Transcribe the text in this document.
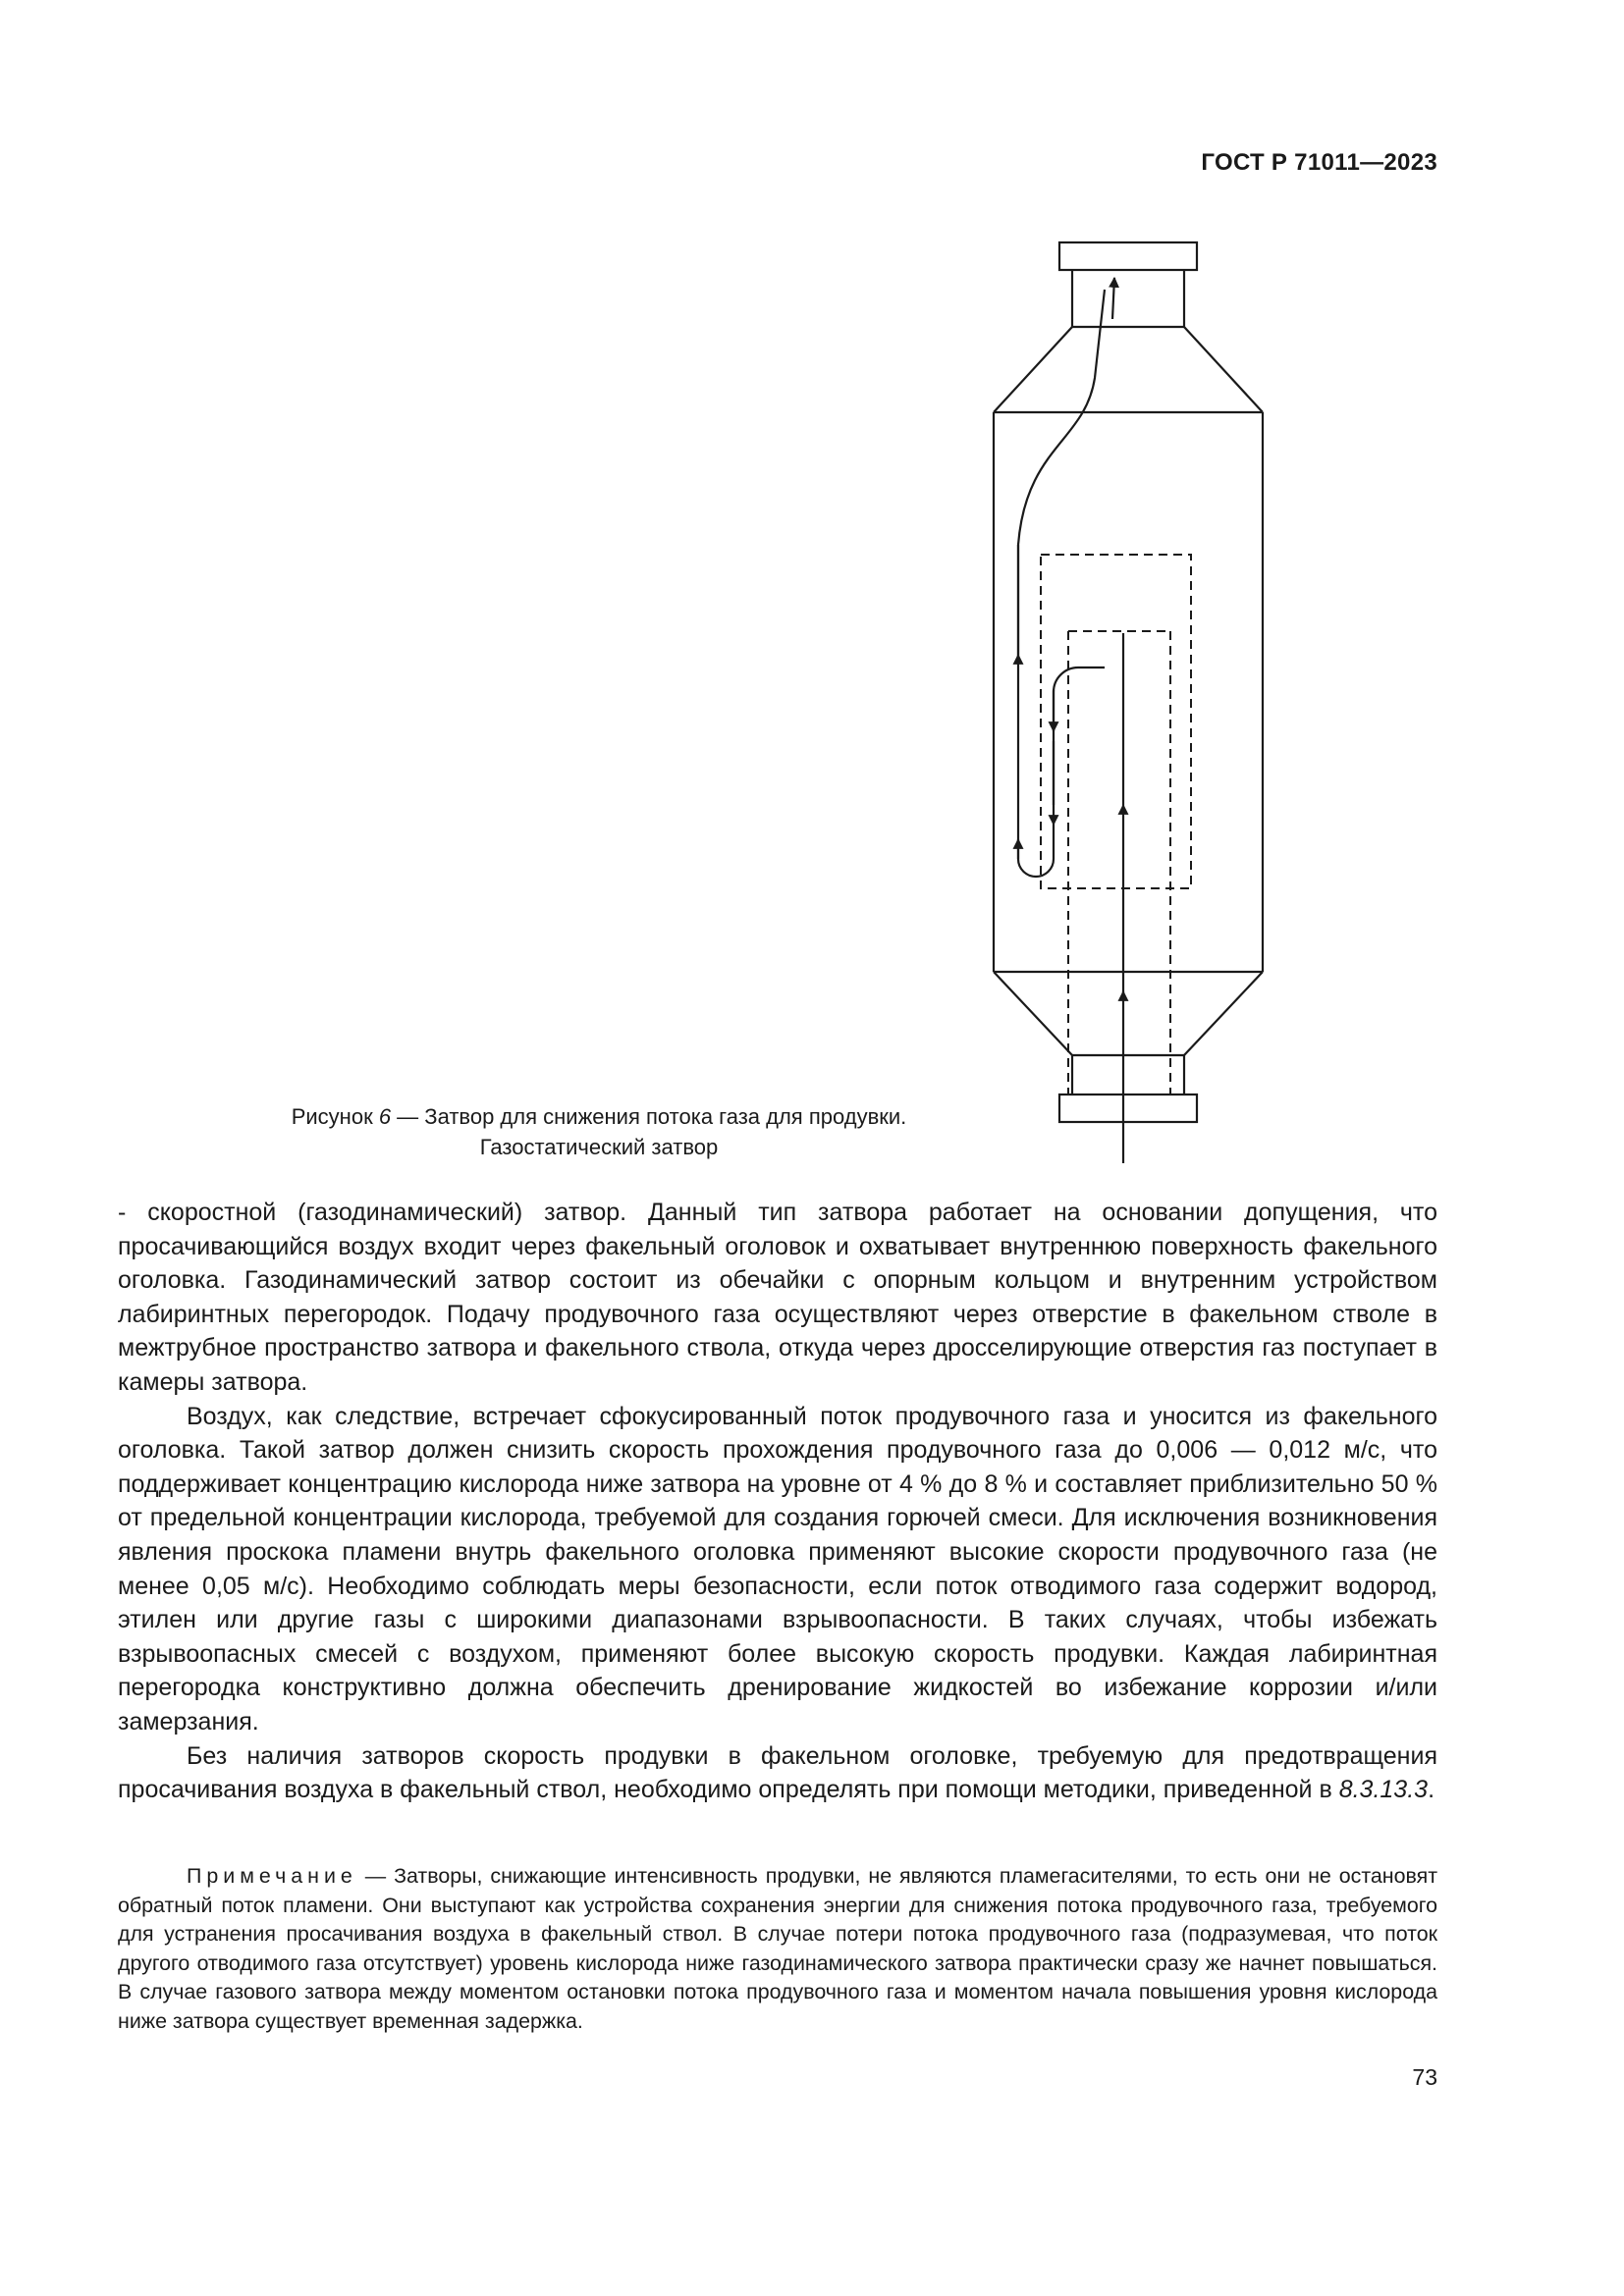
ГОСТ Р 71011—2023
Рисунок 6 — Затвор для снижения потока газа для продувки.
Газостатический затвор

- скоростной (газодинамический) затвор. Данный тип затвора работает на основании допущения, что просачивающийся воздух входит через факельный оголовок и охватывает внутреннюю поверхность факельного оголовка. Газодинамический затвор состоит из обечайки с опорным кольцом и внутренним устройством лабиринтных перегородок. Подачу продувочного газа осуществляют через отверстие в факельном стволе в межтрубное пространство затвора и факельного ствола, откуда через дросселирующие отверстия газ поступает в камеры затвора.

Воздух, как следствие, встречает сфокусированный поток продувочного газа и уносится из факельного оголовка. Такой затвор должен снизить скорость прохождения продувочного газа до 0,006 — 0,012 м/с, что поддерживает концентрацию кислорода ниже затвора на уровне от 4 % до 8 % и составляет приблизительно 50 % от предельной концентрации кислорода, требуемой для создания горючей смеси. Для исключения возникновения явления проскока пламени внутрь факельного оголовка применяют высокие скорости продувочного газа (не менее 0,05 м/с). Необходимо соблюдать меры безопасности, если поток отводимого газа содержит водород, этилен или другие газы с широкими диапазонами взрывоопасности. В таких случаях, чтобы избежать взрывоопасных смесей с воздухом, применяют более высокую скорость продувки. Каждая лабиринтная перегородка конструктивно должна обеспечить дренирование жидкостей во избежание коррозии и/или замерзания.

Без наличия затворов скорость продувки в факельном оголовке, требуемую для предотвращения просачивания воздуха в факельный ствол, необходимо определять при помощи методики, приведенной в 8.3.13.3.

Примечание — Затворы, снижающие интенсивность продувки, не являются пламегасителями, то есть они не остановят обратный поток пламени. Они выступают как устройства сохранения энергии для снижения потока продувочного газа, требуемого для устранения просачивания воздуха в факельный ствол. В случае потери потока продувочного газа (подразумевая, что поток другого отводимого газа отсутствует) уровень кислорода ниже газодинамического затвора практически сразу же начнет повышаться. В случае газового затвора между моментом остановки потока продувочного газа и моментом начала повышения уровня кислорода ниже затвора существует временная задержка.
73
